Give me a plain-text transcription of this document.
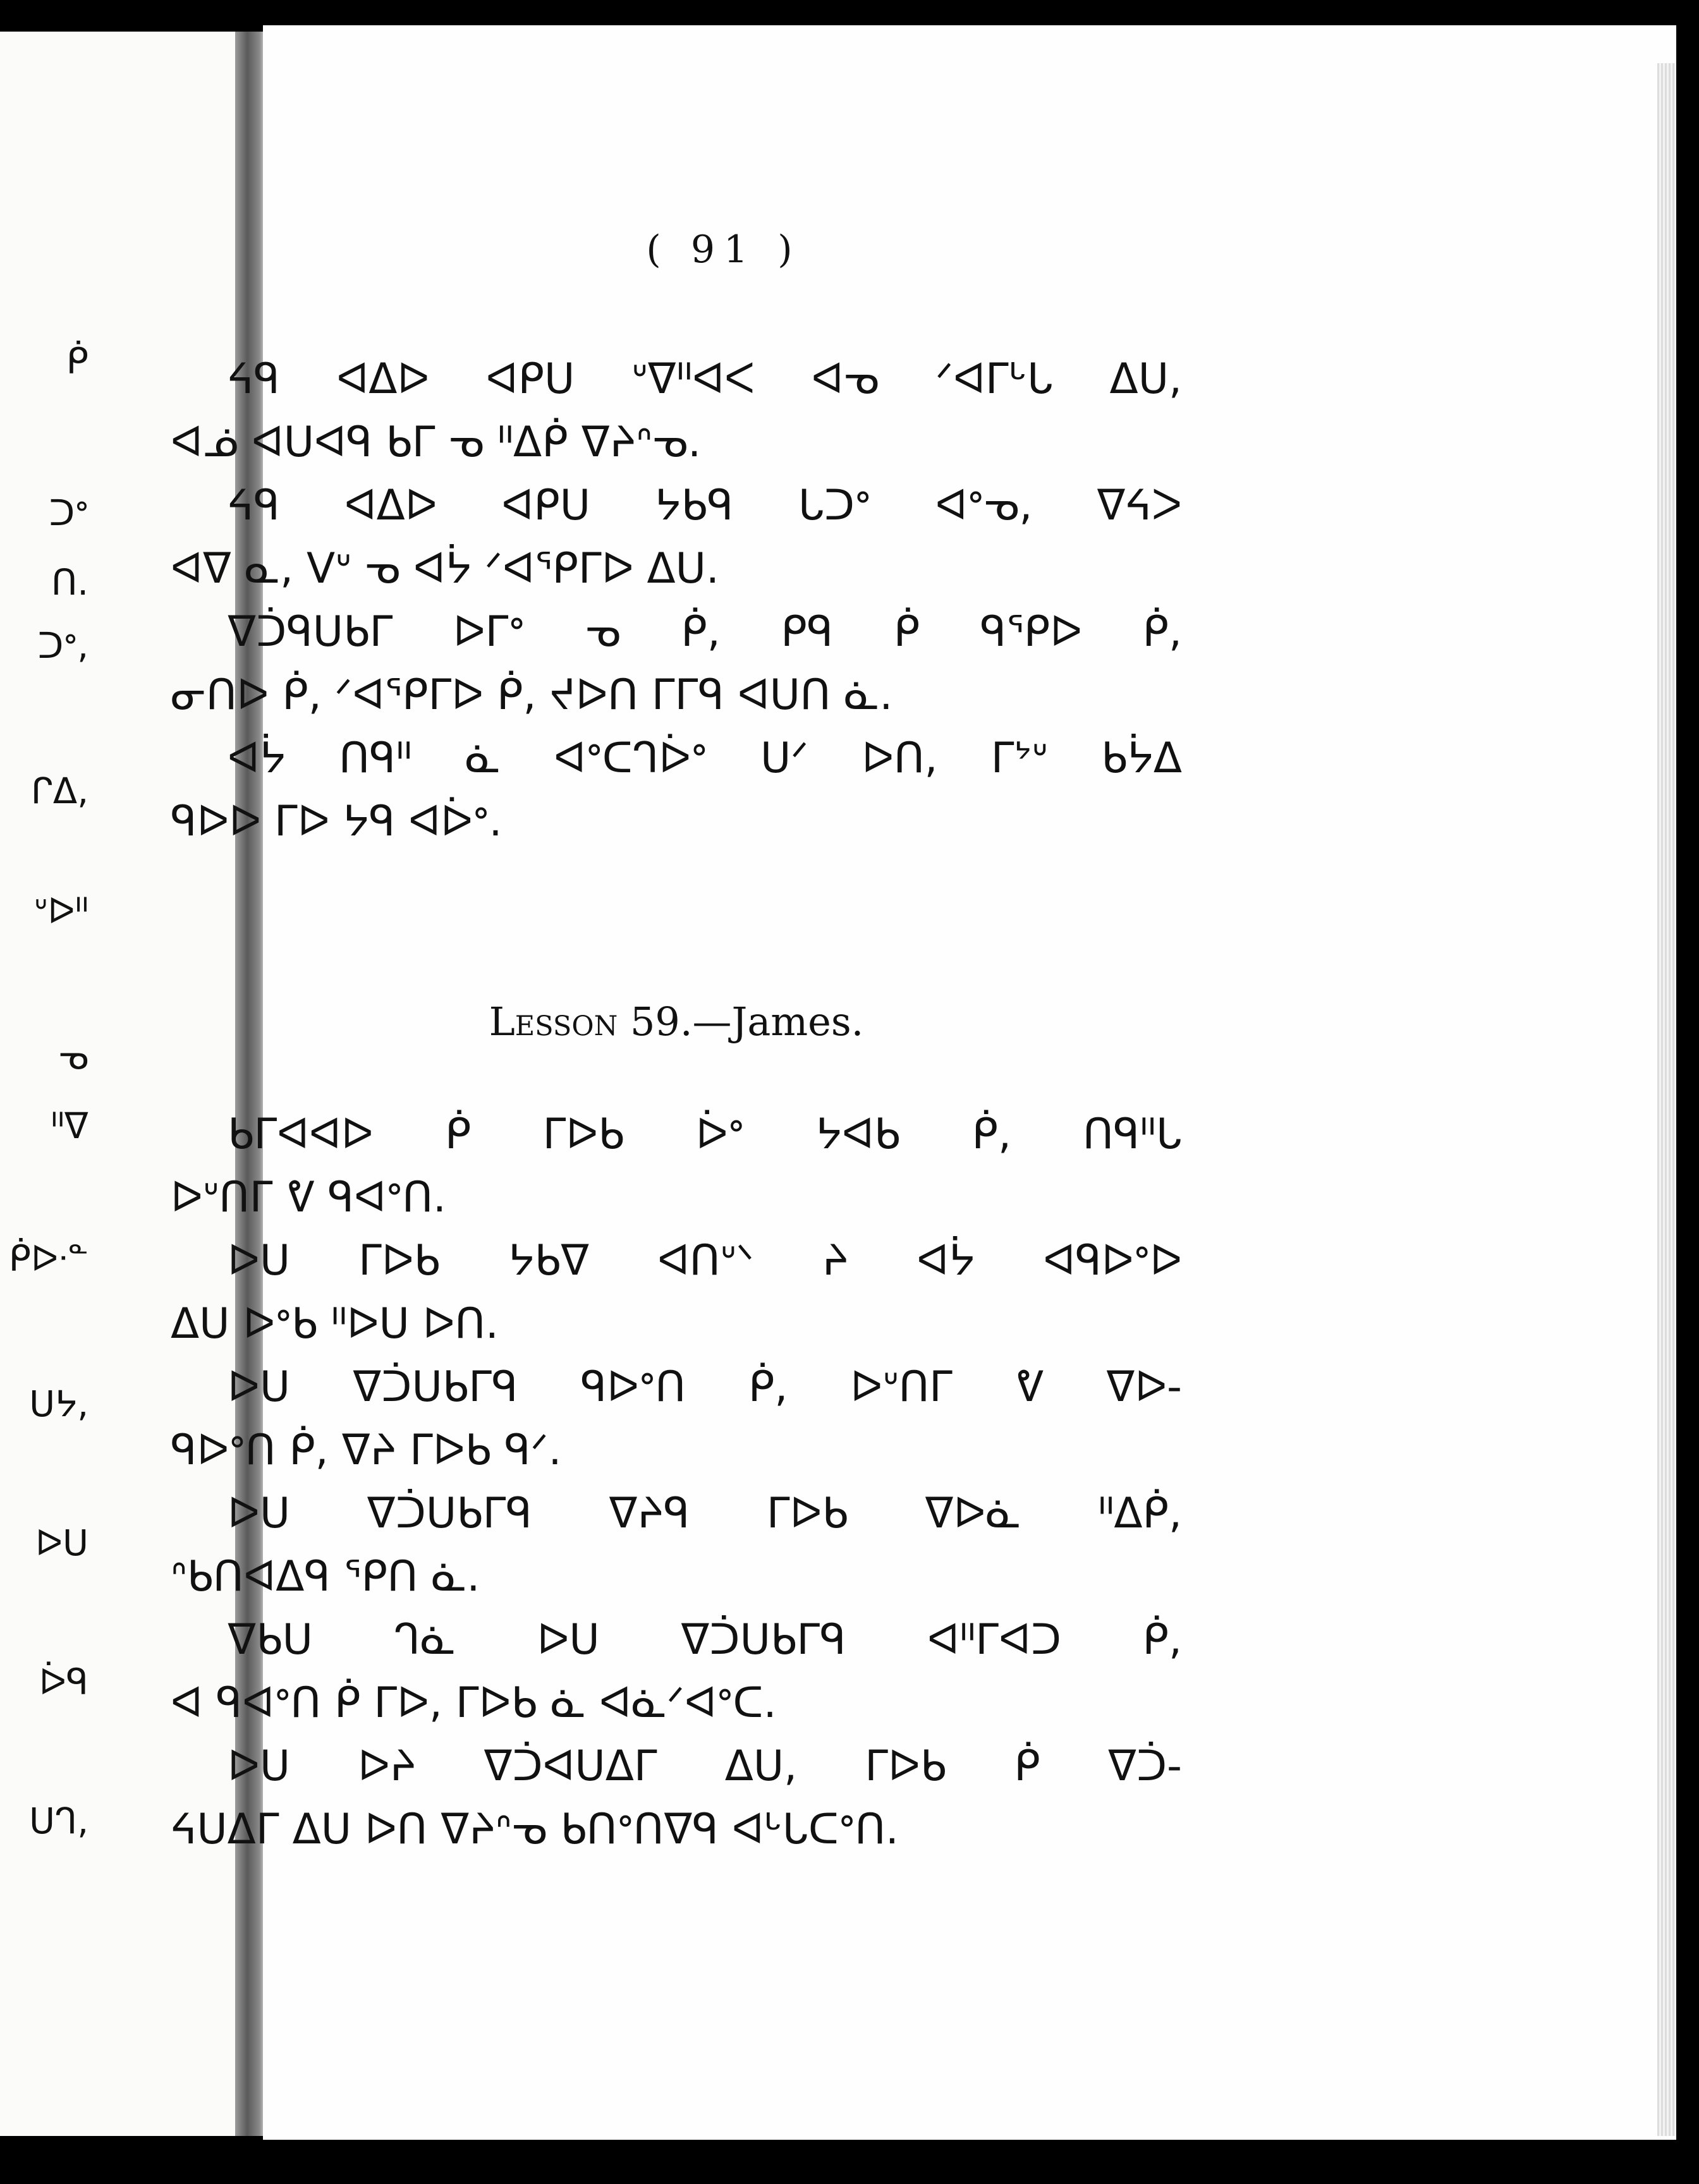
ᑮ
ᑐᐤ
ᑎ.
ᑐᐤ,
ᒋᐃ,
ᐡᐅᐦ
ᓀ
ᐦᐁ
ᑮᐅᐧᓐ
ᑌᔭ,
ᐅᑌ
ᐆᑫ
ᑌᒉ,
( 91 )
ᔦᑫ ᐊᐃᐅ ᐊᑭᑌ ᐡᐁᐦᐊᐸ ᐊᓀ ᐟᐊᒥᒡᒐ ᐃᑌ,
ᐊᓅ ᐊᑌᐊᑫ ᑲᒥ ᓀ ᐦᐃᑮ ᐁᔨᐢᓀ.
ᔦᑫ ᐊᐃᐅ ᐊᑭᑌ ᔭᑲᑫ ᒐᑐᐤ ᐊᐤᓀ, ᐁᔦᐳ
ᐊᐁ ᓇ, ᐯᐡ ᓀ ᐊᔮ ᐟᐊᕿᒥᐅ ᐃᑌ.
ᐁᑑᑫᑌᑲᒥ ᐅᒥᐤ ᓀ ᑮ, ᑭᑫ ᑮ ᑫᕿᐅ ᑮ,
ᓂᑎᐅ ᑮ, ᐟᐊᕿᒥᐅ ᑮ, ᔪᐅᑎ ᒥᒥᑫ ᐊᑌᑎ ᓈ.
ᐊᔮ ᑎᑫᐦ ᓈ ᐊᐤᑕᒉᐆᐤ ᑌᐟ ᐅᑎ, ᒥᔾᐡ ᑲᔮᐃ
ᑫᐅᐅ ᒥᐅ ᔭᑫ ᐊᐆᐤ.
Lesson 59.—James.
ᑲᒥᐊᐊᐅ ᑮ ᒥᐅᑲ ᐆᐤ ᔭᐊᑲ ᑮ, ᑎᑫᐦᒐ
ᐅᐡᑎᒥ ᕓ ᑫᐊᐤᑎ.
ᐅᑌ ᒥᐅᑲ ᔭᑲᐁ ᐊᑎᐡᐠ ᔨ ᐊᔮ ᐊᑫᐅᐤᐅ
ᐃᑌ ᐅᐤᑲ ᐦᐅᑌ ᐅᑎ.
ᐅᑌ ᐁᑑᑌᑲᒥᑫ ᑫᐅᐤᑎ ᑮ, ᐅᐡᑎᒥ ᕓ ᐁᐅ-
ᑫᐅᐤᑎ ᑮ, ᐁᔨ ᒥᐅᑲ ᑫᐟ.
ᐅᑌ ᐁᑑᑌᑲᒥᑫ ᐁᔨᑫ ᒥᐅᑲ ᐁᐅᓈ ᐦᐃᑮ,
ᐢᑲᑎᐊᐃᑫ ᕿᑎ ᓈ.
ᐁᑲᑌ ᒉᓈ ᐅᑌ ᐁᑑᑌᑲᒥᑫ ᐊᐦᒥᐊᑐ ᑮ,
ᐊ ᑫᐊᐤᑎ ᑮ ᒥᐅ, ᒥᐅᑲ ᓈ ᐊᓈᐟᐊᐤᑕ.
ᐅᑌ ᐅᔨ ᐁᑑᐊᑌᐃᒥ ᐃᑌ, ᒥᐅᑲ ᑮ ᐁᑑ-
ᔦᑌᐃᒥ ᐃᑌ ᐅᑎ ᐁᔨᐢᓀ ᑲᑎᐤᑎᐁᑫ ᐊᒡᒐᑕᐤᑎ.
